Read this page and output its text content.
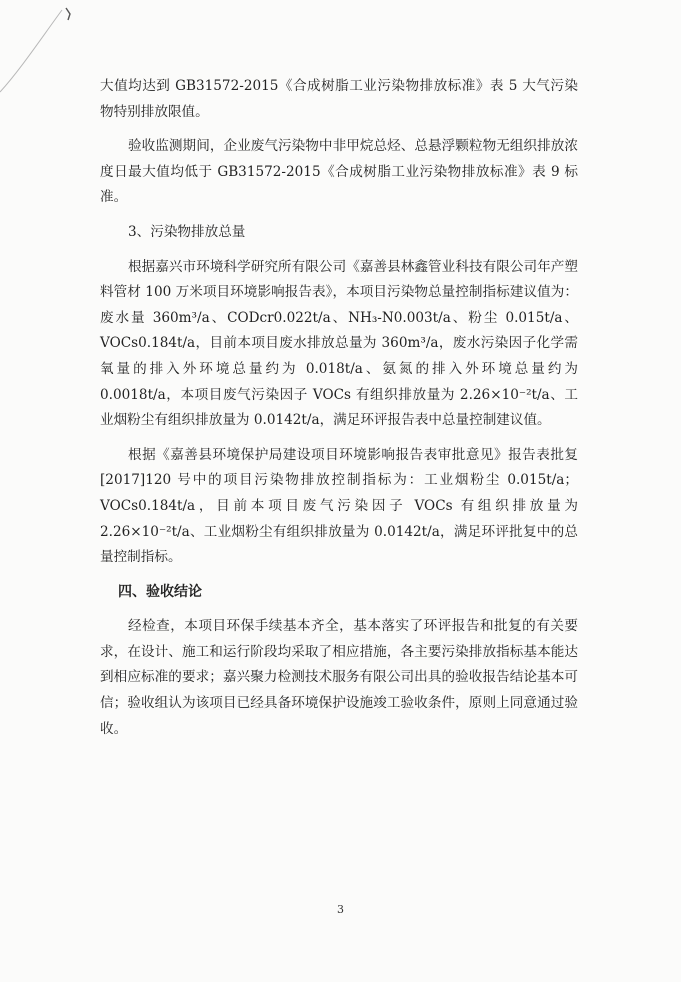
大值均达到 GB31572-2015《合成树脂工业污染物排放标准》表 5 大气污染物特别排放限值。

验收监测期间，企业废气污染物中非甲烷总烃、总悬浮颗粒物无组织排放浓度日最大值均低于 GB31572-2015《合成树脂工业污染物排放标准》表 9 标准。

3、污染物排放总量

根据嘉兴市环境科学研究所有限公司《嘉善县林鑫管业科技有限公司年产塑料管材 100 万米项目环境影响报告表》，本项目污染物总量控制指标建议值为：废水量 360m³/a、CODcr0.022t/a、NH₃-N0.003t/a、粉尘 0.015t/a、VOCs0.184t/a，目前本项目废水排放总量为 360m³/a，废水污染因子化学需氧量的排入外环境总量约为 0.018t/a、氨氮的排入外环境总量约为 0.0018t/a，本项目废气污染因子 VOCs 有组织排放量为 2.26×10⁻²t/a、工业烟粉尘有组织排放量为 0.0142t/a，满足环评报告表中总量控制建议值。

根据《嘉善县环境保护局建设项目环境影响报告表审批意见》报告表批复[2017]120 号中的项目污染物排放控制指标为：工业烟粉尘 0.015t/a；VOCs0.184t/a，目前本项目废气污染因子 VOCs 有组织排放量为 2.26×10⁻²t/a、工业烟粉尘有组织排放量为 0.0142t/a，满足环评批复中的总量控制指标。

四、验收结论

经检查，本项目环保手续基本齐全，基本落实了环评报告和批复的有关要求，在设计、施工和运行阶段均采取了相应措施，各主要污染排放指标基本能达到相应标准的要求；嘉兴聚力检测技术服务有限公司出具的验收报告结论基本可信；验收组认为该项目已经具备环境保护设施竣工验收条件，原则上同意通过验收。

3
